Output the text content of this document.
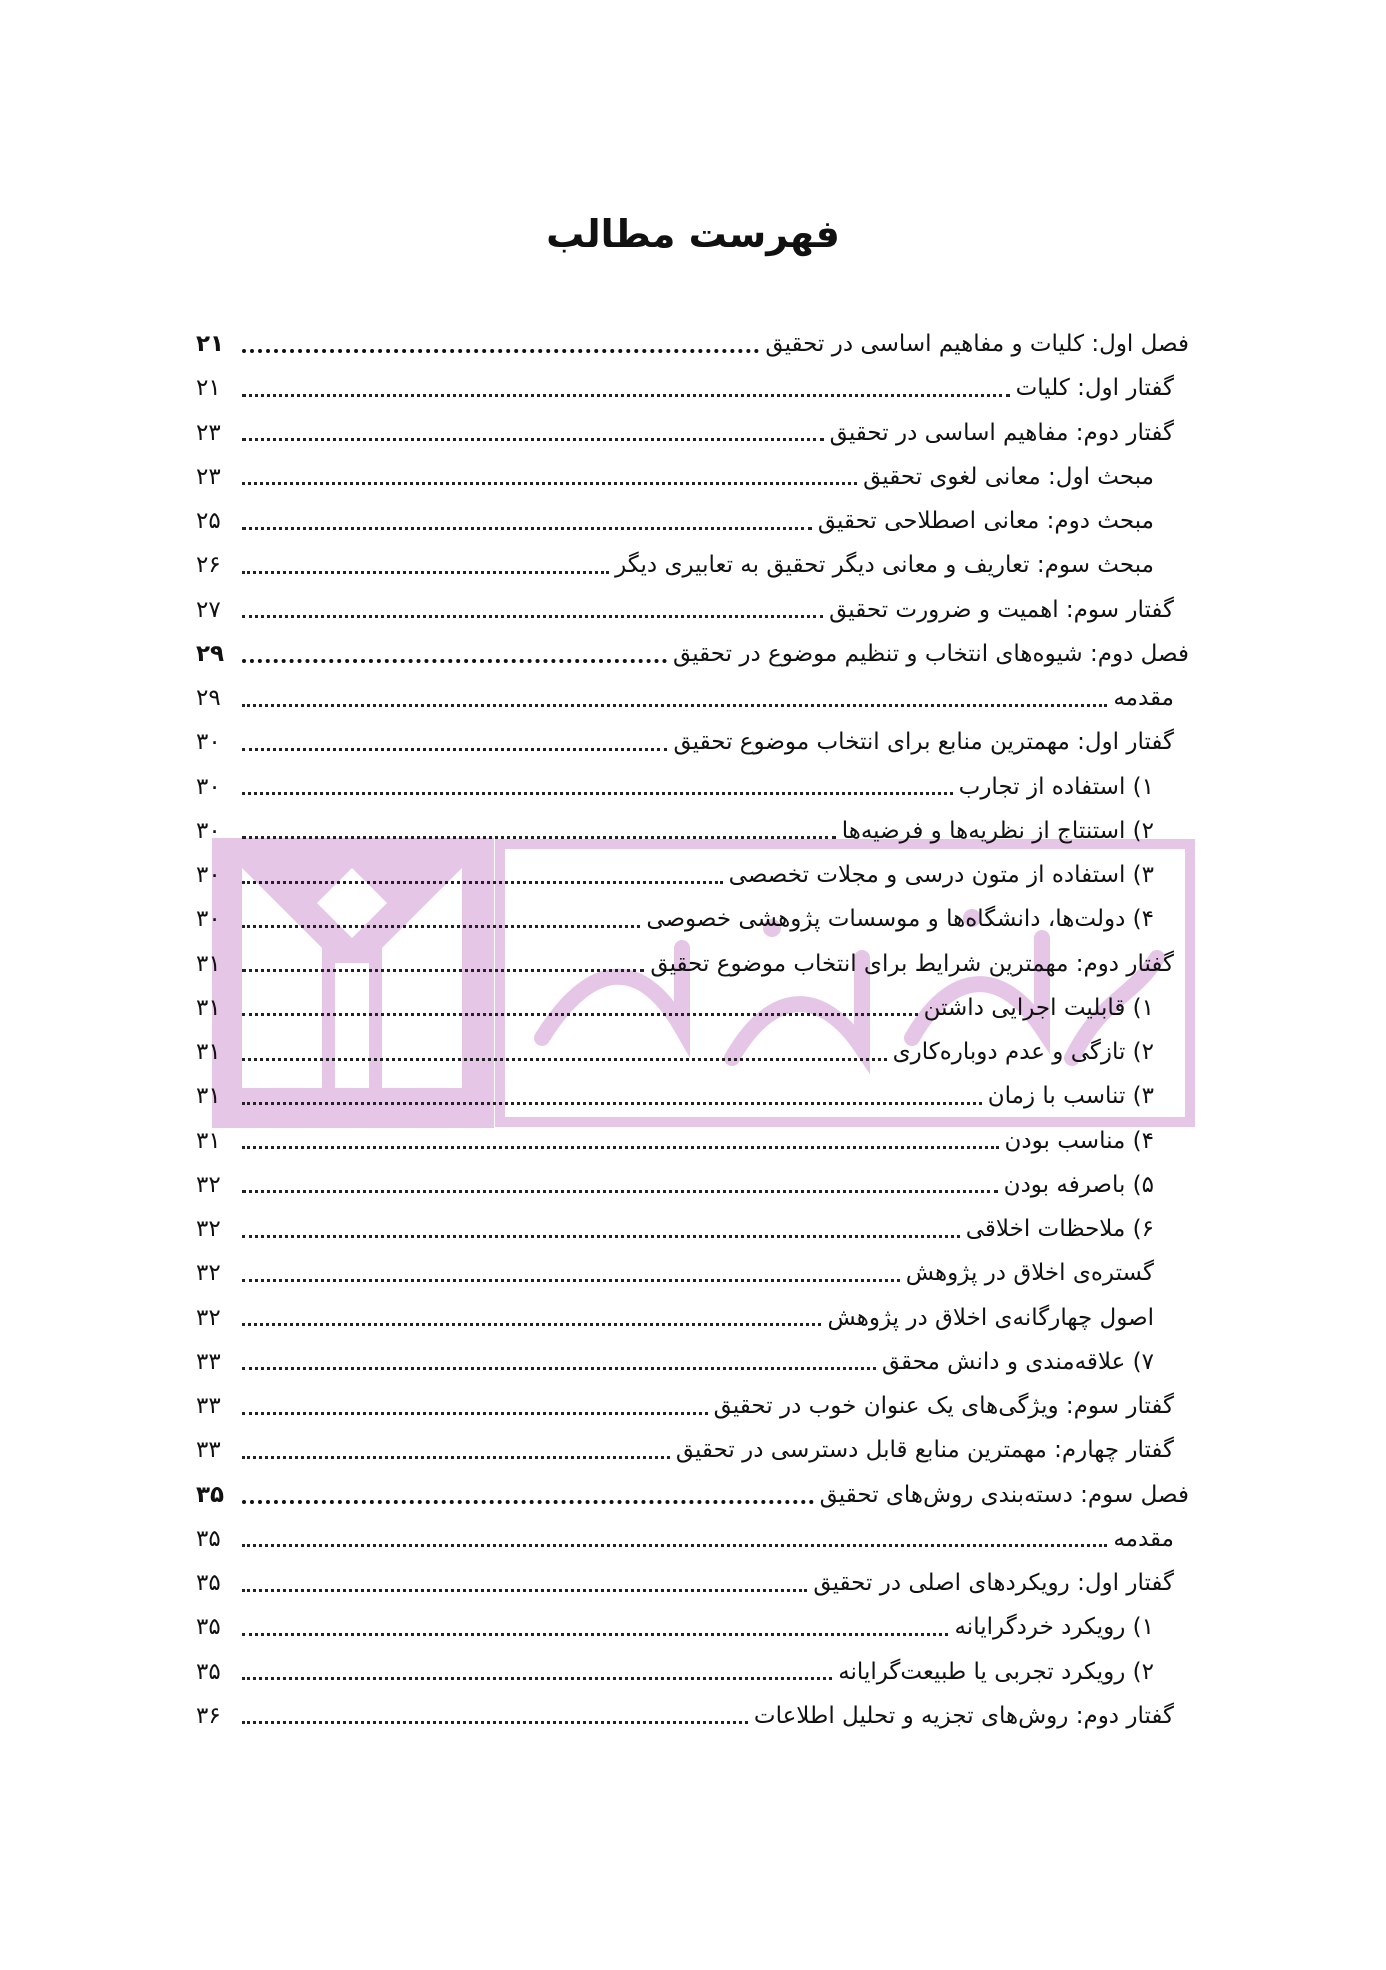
فهرست مطالب
۲۱	فصل اول: کلیات و مفاهیم اساسی در تحقیق
۲۱	گفتار اول: کلیات
۲۳	گفتار دوم: مفاهیم اساسی در تحقیق
۲۳	مبحث اول: معانی لغوی تحقیق
۲۵	مبحث دوم: معانی اصطلاحی تحقیق
۲۶	مبحث سوم: تعاریف و معانی دیگر تحقیق به تعابیری دیگر
۲۷	گفتار سوم: اهمیت و ضرورت تحقیق
۲۹	فصل دوم: شیوه‌های انتخاب و تنظیم موضوع در تحقیق
۲۹	مقدمه
۳۰	گفتار اول: مهمترین منابع برای انتخاب موضوع تحقیق
۳۰	۱) استفاده از تجارب
۳۰	۲) استنتاج از نظریه‌ها و فرضیه‌ها
۳۰	۳) استفاده از متون درسی و مجلات تخصصی
۳۰	۴) دولت‌ها، دانشگاه‌ها و موسسات پژوهشی خصوصی
۳۱	گفتار دوم: مهمترین شرایط برای انتخاب موضوع تحقیق
۳۱	۱) قابلیت اجرایی داشتن
۳۱	۲) تازگی و عدم دوباره‌کاری
۳۱	۳) تناسب با زمان
۳۱	۴) مناسب بودن
۳۲	۵) باصرفه بودن
۳۲	۶) ملاحظات اخلاقی
۳۲	گستره‌ی اخلاق در پژوهش
۳۲	اصول چهارگانه‌ی اخلاق در پژوهش
۳۳	۷) علاقه‌مندی و دانش محقق
۳۳	گفتار سوم: ویژگی‌های یک عنوان خوب در تحقیق
۳۳	گفتار چهارم: مهمترین منابع قابل دسترسی در تحقیق
۳۵	فصل سوم: دسته‌بندی روش‌های تحقیق
۳۵	مقدمه
۳۵	گفتار اول: رویکردهای اصلی در تحقیق
۳۵	۱) رویکرد خردگرایانه
۳۵	۲) رویکرد تجربی یا طبیعت‌گرایانه
۳۶	گفتار دوم: روش‌های تجزیه و تحلیل اطلاعات
